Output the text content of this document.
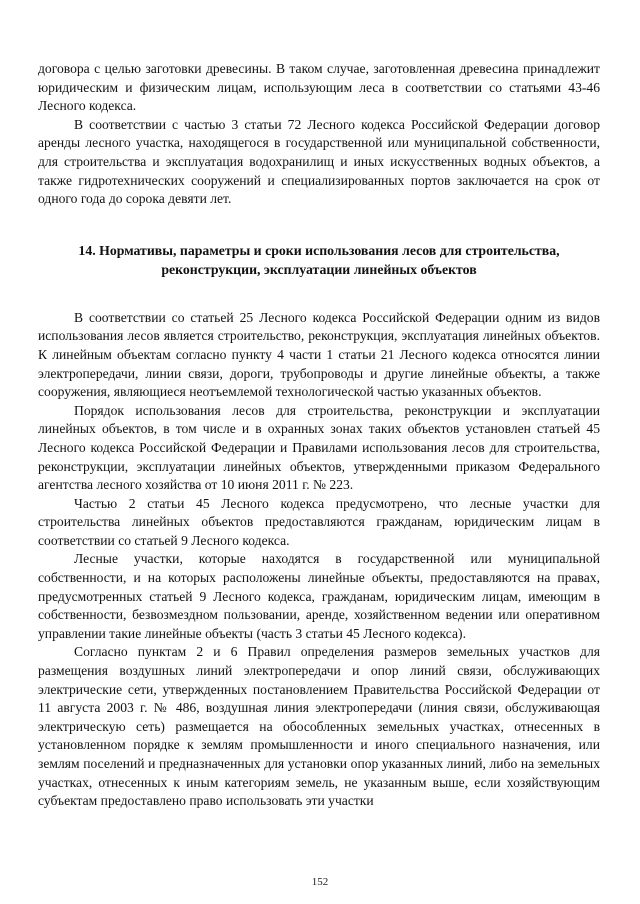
договора с целью заготовки древесины. В таком случае, заготовленная древесина принадлежит юридическим и физическим лицам, использующим леса в соответствии со статьями 43-46 Лесного кодекса.

В соответствии с частью 3 статьи 72 Лесного кодекса Российской Федерации договор аренды лесного участка, находящегося в государственной или муниципальной собственности, для строительства и эксплуатация водохранилищ и иных искусственных водных объектов, а также гидротехнических сооружений и специализированных портов заключается на срок от одного года до сорока девяти лет.

14. Нормативы, параметры и сроки использования лесов для строительства,
реконструкции, эксплуатации линейных объектов

В соответствии со статьей 25 Лесного кодекса Российской Федерации одним из видов использования лесов является строительство, реконструкция, эксплуатация линейных объектов. К линейным объектам согласно пункту 4 части 1 статьи 21 Лесного кодекса относятся линии электропередачи, линии связи, дороги, трубопроводы и другие линейные объекты, а также сооружения, являющиеся неотъемлемой технологической частью указанных объектов.

Порядок использования лесов для строительства, реконструкции и эксплуатации линейных объектов, в том числе и в охранных зонах таких объектов установлен статьей 45 Лесного кодекса Российской Федерации и Правилами использования лесов для строительства, реконструкции, эксплуатации линейных объектов, утвержденными приказом Федерального агентства лесного хозяйства от 10 июня 2011 г. № 223.

Частью 2 статьи 45 Лесного кодекса предусмотрено, что лесные участки для строительства линейных объектов предоставляются гражданам, юридическим лицам в соответствии со статьей 9 Лесного кодекса.

Лесные участки, которые находятся в государственной или муниципальной собственности, и на которых расположены линейные объекты, предоставляются на правах, предусмотренных статьей 9 Лесного кодекса, гражданам, юридическим лицам, имеющим в собственности, безвозмездном пользовании, аренде, хозяйственном ведении или оперативном управлении такие линейные объекты (часть 3 статьи 45 Лесного кодекса).

Согласно пунктам 2 и 6 Правил определения размеров земельных участков для размещения воздушных линий электропередачи и опор линий связи, обслуживающих электрические сети, утвержденных постановлением Правительства Российской Федерации от 11 августа 2003 г. № 486, воздушная линия электропередачи (линия связи, обслуживающая электрическую сеть) размещается на обособленных земельных участках, отнесенных в установленном порядке к землям промышленности и иного специального назначения, или землям поселений и предназначенных для установки опор указанных линий, либо на земельных участках, отнесенных к иным категориям земель, не указанным выше, если хозяйствующим субъектам предоставлено право использовать эти участки

152
